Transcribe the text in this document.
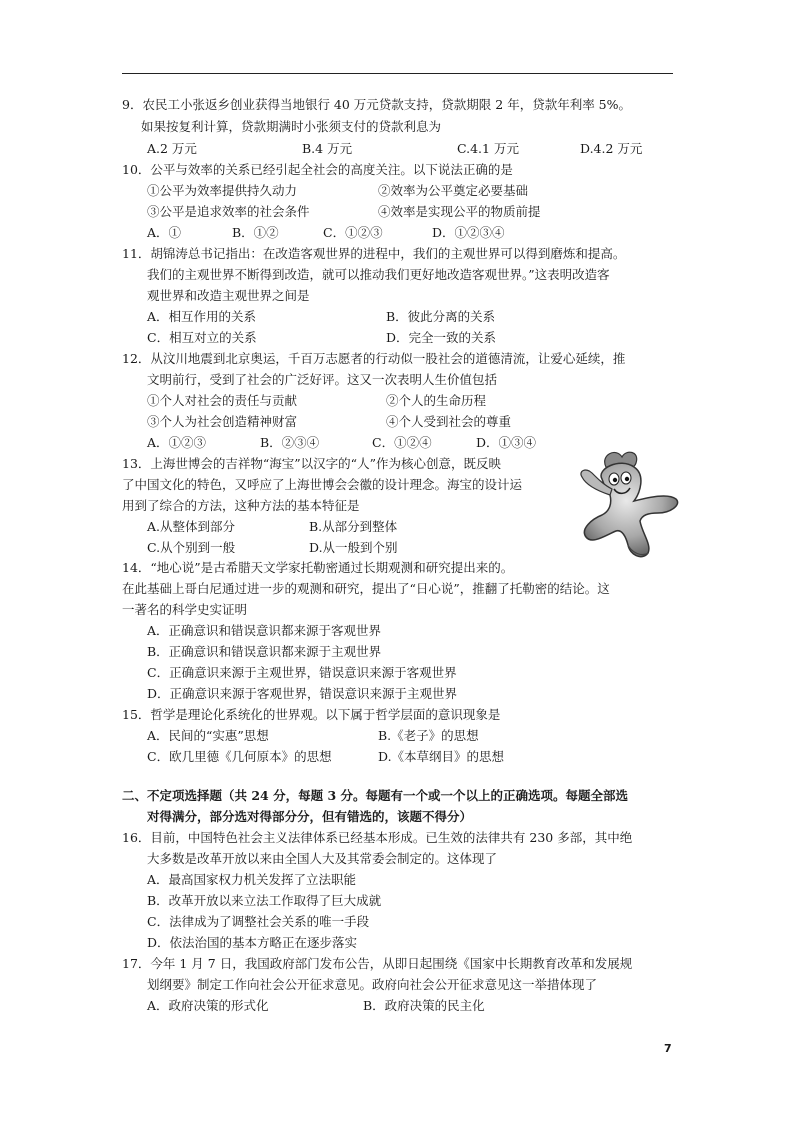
9．农民工小张返乡创业获得当地银行 40 万元贷款支持，贷款期限 2 年，贷款年利率 5%。
如果按复利计算，贷款期满时小张须支付的贷款利息为
A.2 万元	B.4 万元	C.4.1 万元	D.4.2 万元
10．公平与效率的关系已经引起全社会的高度关注。以下说法正确的是
①公平为效率提供持久动力	②效率为公平奠定必要基础
③公平是追求效率的社会条件	④效率是实现公平的物质前提
A．①	B．①②	C．①②③	D．①②③④
11．胡锦涛总书记指出：在改造客观世界的进程中，我们的主观世界可以得到磨炼和提高。
我们的主观世界不断得到改造，就可以推动我们更好地改造客观世界。”这表明改造客
观世界和改造主观世界之间是
A．相互作用的关系	B．彼此分离的关系
C．相互对立的关系	D．完全一致的关系
12．从汶川地震到北京奥运，千百万志愿者的行动似一股社会的道德清流，让爱心延续，推
文明前行，受到了社会的广泛好评。这又一次表明人生价值包括
①个人对社会的责任与贡献	②个人的生命历程
③个人为社会创造精神财富	④个人受到社会的尊重
A．①②③	B．②③④	C．①②④	D．①③④
13．上海世博会的吉祥物“海宝”以汉字的“人”作为核心创意，既反映
了中国文化的特色，又呼应了上海世博会会徽的设计理念。海宝的设计运
用到了综合的方法，这种方法的基本特征是
A.从整体到部分	B.从部分到整体
C.从个别到一般	D.从一般到个别
14．“地心说”是古希腊天文学家托勒密通过长期观测和研究提出来的。
在此基础上哥白尼通过进一步的观测和研究，提出了“日心说”，推翻了托勒密的结论。这
一著名的科学史实证明
A．正确意识和错误意识都来源于客观世界
B．正确意识和错误意识都来源于主观世界
C．正确意识来源于主观世界，错误意识来源于客观世界
D．正确意识来源于客观世界，错误意识来源于主观世界
15．哲学是理论化系统化的世界观。以下属于哲学层面的意识现象是
A．民间的“实惠”思想	B.《老子》的思想
C．欧几里德《几何原本》的思想	D.《本草纲目》的思想
二、不定项选择题（共 24 分，每题 3 分。每题有一个或一个以上的正确选项。每题全部选
对得满分，部分选对得部分分，但有错选的，该题不得分）
16．目前，中国特色社会主义法律体系已经基本形成。已生效的法律共有 230 多部，其中绝
大多数是改革开放以来由全国人大及其常委会制定的。这体现了
A．最高国家权力机关发挥了立法职能
B．改革开放以来立法工作取得了巨大成就
C．法律成为了调整社会关系的唯一手段
D．依法治国的基本方略正在逐步落实
17．今年 1 月 7 日，我国政府部门发布公告，从即日起围绕《国家中长期教育改革和发展规
划纲要》制定工作向社会公开征求意见。政府向社会公开征求意见这一举措体现了
A．政府决策的形式化	B．政府决策的民主化
7
